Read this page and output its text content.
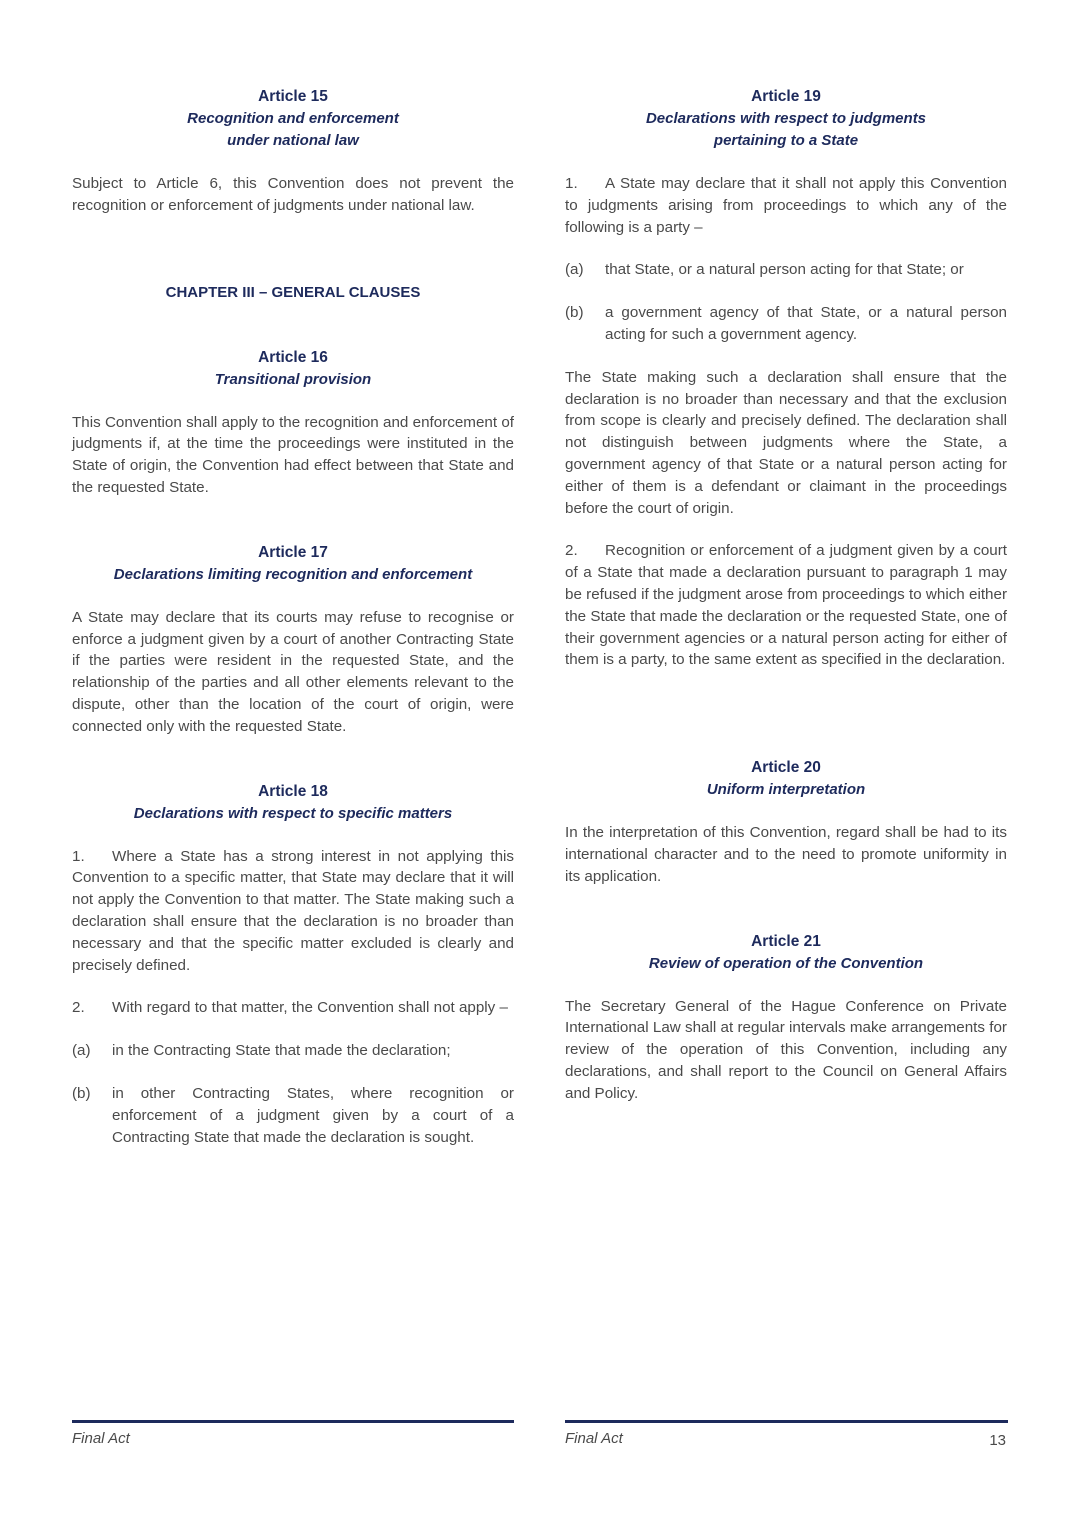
Article 15
Recognition and enforcement
under national law

Subject to Article 6, this Convention does not prevent the recognition or enforcement of judgments under national law.

CHAPTER III – GENERAL CLAUSES
Article 16
Transitional provision

This Convention shall apply to the recognition and enforcement of judgments if, at the time the proceedings were instituted in the State of origin, the Convention had effect between that State and the requested State.

Article 17
Declarations limiting recognition and enforcement

A State may declare that its courts may refuse to recognise or enforce a judgment given by a court of another Contracting State if the parties were resident in the requested State, and the relationship of the parties and all other elements relevant to the dispute, other than the location of the court of origin, were connected only with the requested State.

Article 18
Declarations with respect to specific matters

1. Where a State has a strong interest in not applying this Convention to a specific matter, that State may declare that it will not apply the Convention to that matter. The State making such a declaration shall ensure that the declaration is no broader than necessary and that the specific matter excluded is clearly and precisely defined.

2. With regard to that matter, the Convention shall not apply –

(a)	in the Contracting State that made the declaration;
(b)	in other Contracting States, where recognition or enforcement of a judgment given by a court of a Contracting State that made the declaration is sought.
Article 19
Declarations with respect to judgments
pertaining to a State

1. A State may declare that it shall not apply this Convention to judgments arising from proceedings to which any of the following is a party –

(a)	that State, or a natural person acting for that State; or
(b)	a government agency of that State, or a natural person acting for such a government agency.

The State making such a declaration shall ensure that the declaration is no broader than necessary and that the exclusion from scope is clearly and precisely defined. The declaration shall not distinguish between judgments where the State, a government agency of that State or a natural person acting for either of them is a defendant or claimant in the proceedings before the court of origin.

2. Recognition or enforcement of a judgment given by a court of a State that made a declaration pursuant to paragraph 1 may be refused if the judgment arose from proceedings to which either the State that made the declaration or the requested State, one of their government agencies or a natural person acting for either of them is a party, to the same extent as specified in the declaration.

Article 20
Uniform interpretation

In the interpretation of this Convention, regard shall be had to its international character and to the need to promote uniformity in its application.

Article 21
Review of operation of the Convention

The Secretary General of the Hague Conference on Private International Law shall at regular intervals make arrangements for review of the operation of this Convention, including any declarations, and shall report to the Council on General Affairs and Policy.

Final Act	Final Act	13
